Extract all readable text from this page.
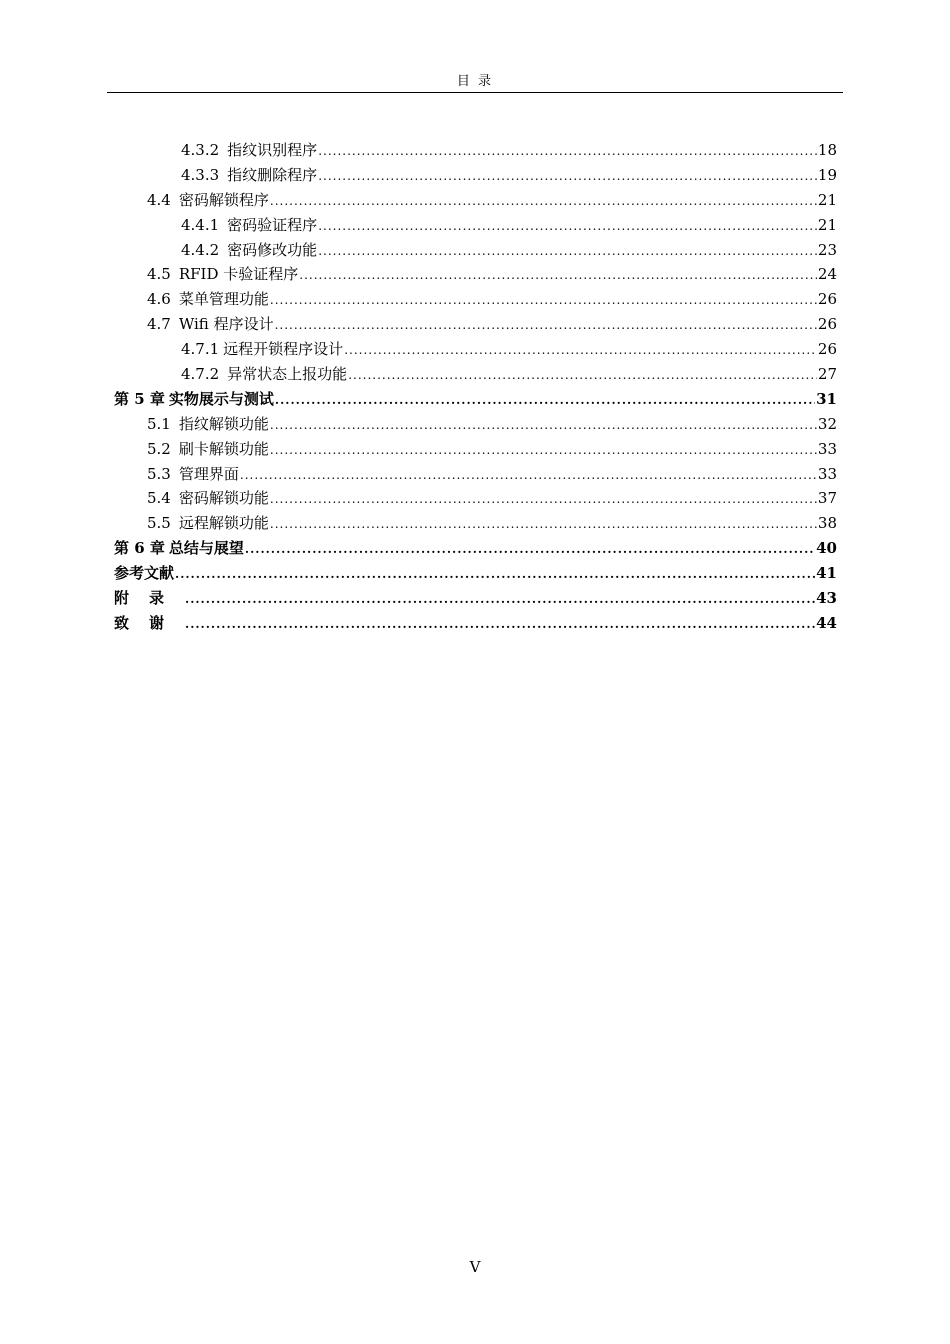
目 录
4.3.2 指纹识别程序 .....	18
4.3.3 指纹删除程序 .....	19
4.4 密码解锁程序 .....	21
4.4.1 密码验证程序 .....	21
4.4.2 密码修改功能 .....	23
4.5 RFID 卡验证程序 .....	24
4.6 菜单管理功能 .....	26
4.7 Wifi 程序设计 .....	26
4.7.1 远程开锁程序设计 .....	26
4.7.2 异常状态上报功能 .....	27
第 5 章 实物展示与测试 .....	31
5.1 指纹解锁功能 .....	32
5.2 刷卡解锁功能 .....	33
5.3 管理界面 .....	33
5.4 密码解锁功能 .....	37
5.5 远程解锁功能 .....	38
第 6 章 总结与展望 .....	40
参考文献 .....	41
附录 .....	43
致谢 .....	44
V
